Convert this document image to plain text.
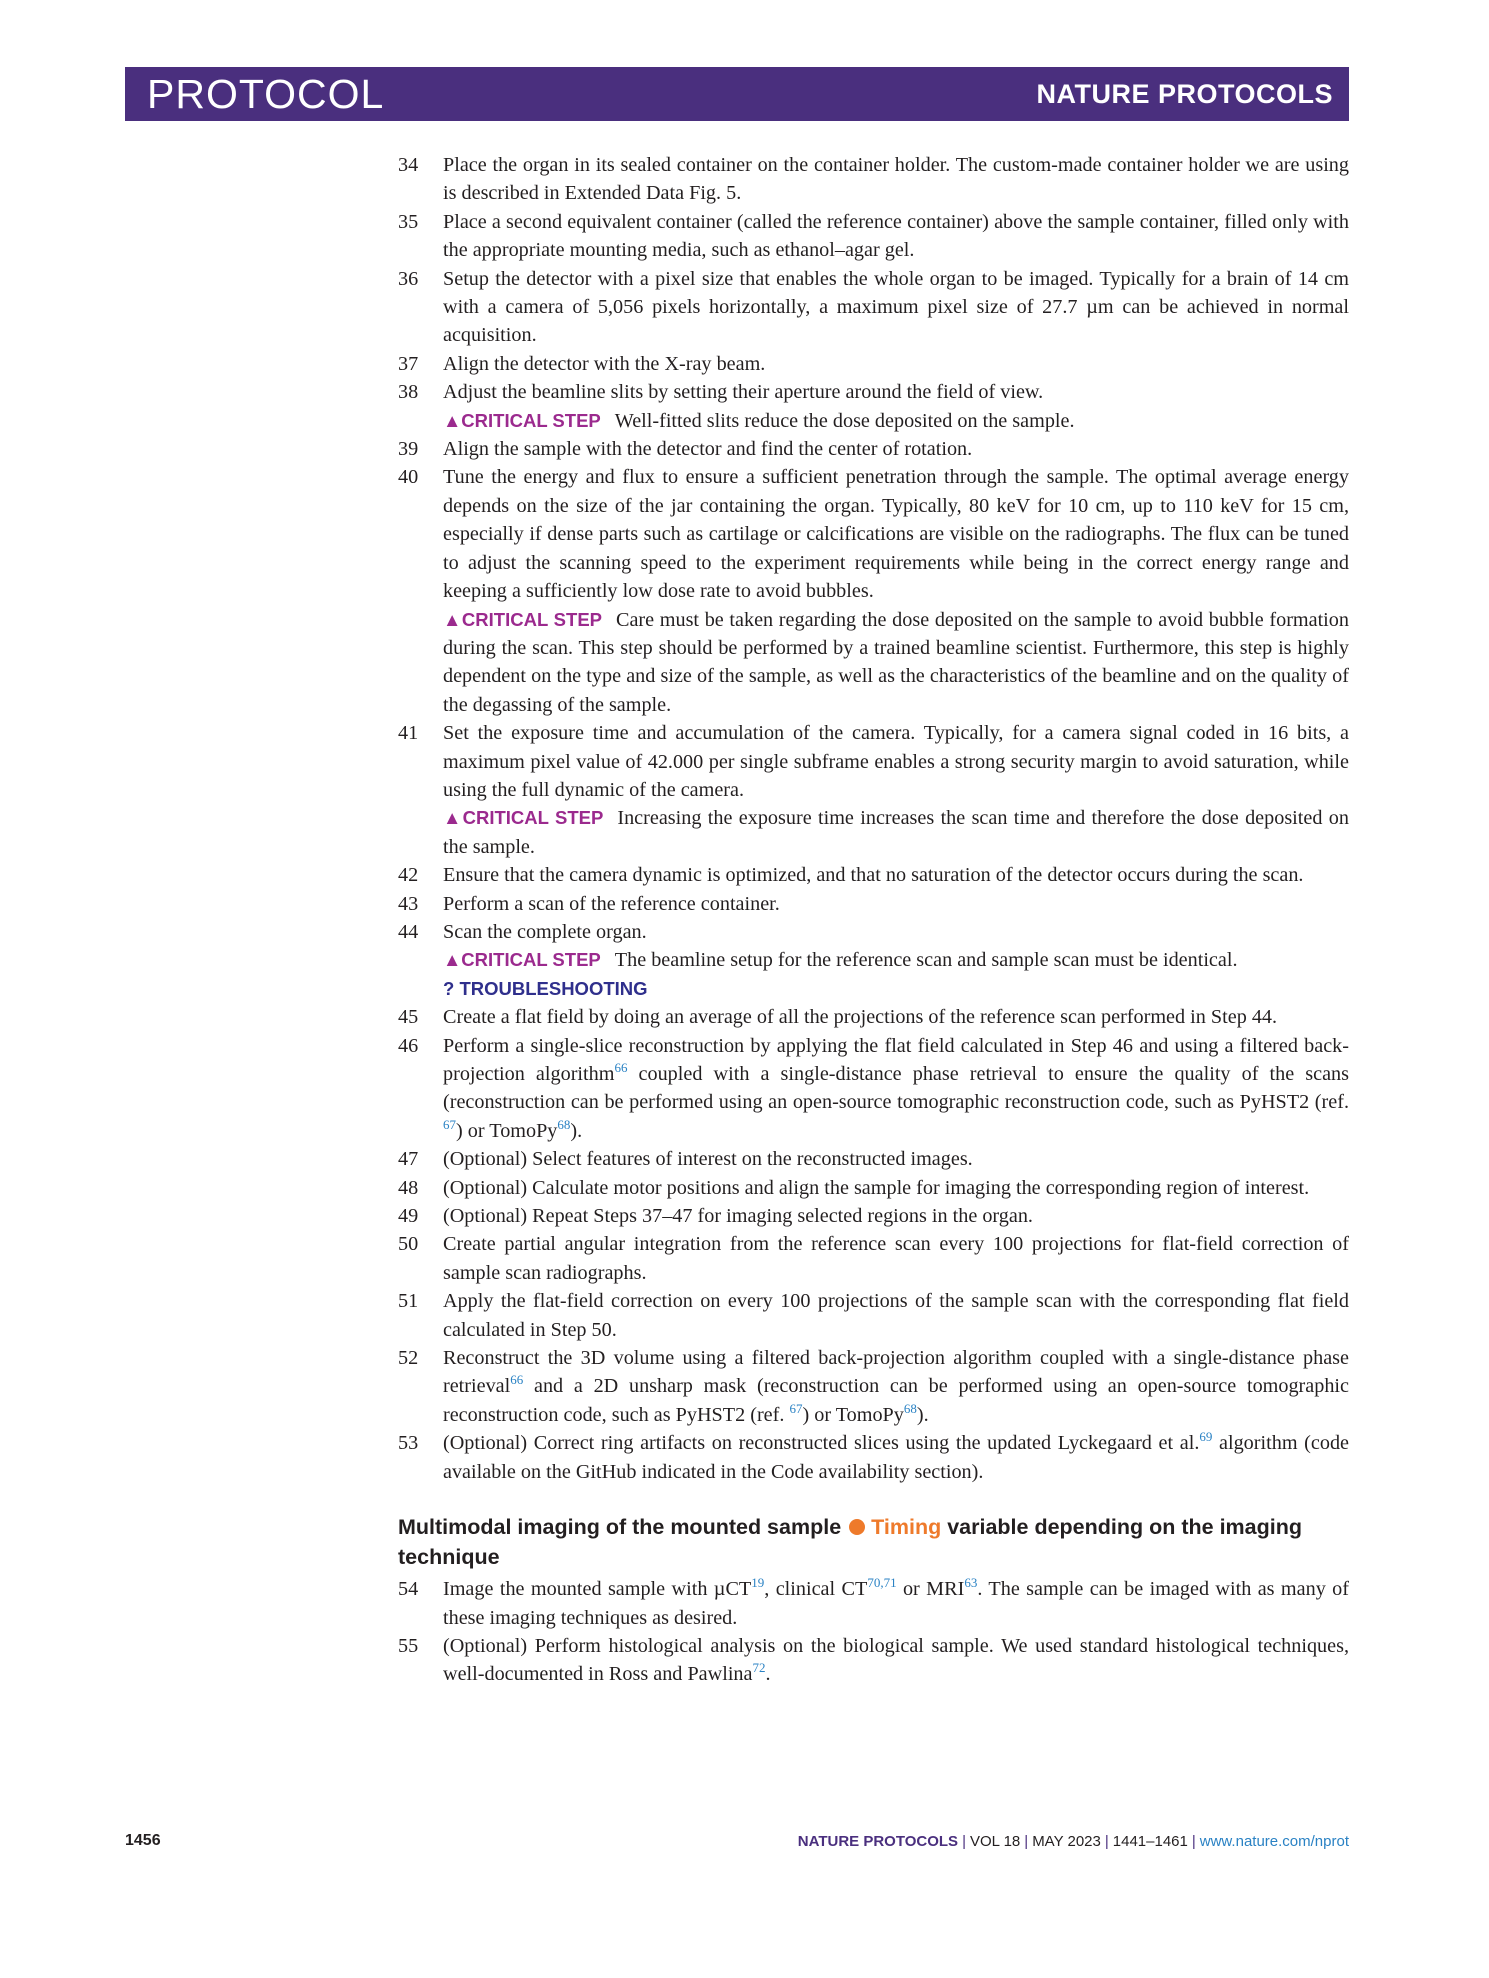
PROTOCOL	NATURE PROTOCOLS
34	Place the organ in its sealed container on the container holder. The custom-made container holder we are using is described in Extended Data Fig. 5.
35	Place a second equivalent container (called the reference container) above the sample container, filled only with the appropriate mounting media, such as ethanol–agar gel.
36	Setup the detector with a pixel size that enables the whole organ to be imaged. Typically for a brain of 14 cm with a camera of 5,056 pixels horizontally, a maximum pixel size of 27.7 µm can be achieved in normal acquisition.
37	Align the detector with the X-ray beam.
38	Adjust the beamline slits by setting their aperture around the field of view.
▲CRITICAL STEP Well-fitted slits reduce the dose deposited on the sample.
39	Align the sample with the detector and find the center of rotation.
40	Tune the energy and flux to ensure a sufficient penetration through the sample. The optimal average energy depends on the size of the jar containing the organ. Typically, 80 keV for 10 cm, up to 110 keV for 15 cm, especially if dense parts such as cartilage or calcifications are visible on the radiographs. The flux can be tuned to adjust the scanning speed to the experiment requirements while being in the correct energy range and keeping a sufficiently low dose rate to avoid bubbles.
▲CRITICAL STEP Care must be taken regarding the dose deposited on the sample to avoid bubble formation during the scan. This step should be performed by a trained beamline scientist. Furthermore, this step is highly dependent on the type and size of the sample, as well as the characteristics of the beamline and on the quality of the degassing of the sample.
41	Set the exposure time and accumulation of the camera. Typically, for a camera signal coded in 16 bits, a maximum pixel value of 42.000 per single subframe enables a strong security margin to avoid saturation, while using the full dynamic of the camera.
▲CRITICAL STEP Increasing the exposure time increases the scan time and therefore the dose deposited on the sample.
42	Ensure that the camera dynamic is optimized, and that no saturation of the detector occurs during the scan.
43	Perform a scan of the reference container.
44	Scan the complete organ.
▲CRITICAL STEP The beamline setup for the reference scan and sample scan must be identical.
? TROUBLESHOOTING
45	Create a flat field by doing an average of all the projections of the reference scan performed in Step 44.
46	Perform a single-slice reconstruction by applying the flat field calculated in Step 46 and using a filtered back-projection algorithm$^{66}$ coupled with a single-distance phase retrieval to ensure the quality of the scans (reconstruction can be performed using an open-source tomographic reconstruction code, such as PyHST2 (ref. $^{67}$) or TomoPy$^{68}$).
47	(Optional) Select features of interest on the reconstructed images.
48	(Optional) Calculate motor positions and align the sample for imaging the corresponding region of interest.
49	(Optional) Repeat Steps 37–47 for imaging selected regions in the organ.
50	Create partial angular integration from the reference scan every 100 projections for flat-field correction of sample scan radiographs.
51	Apply the flat-field correction on every 100 projections of the sample scan with the corresponding flat field calculated in Step 50.
52	Reconstruct the 3D volume using a filtered back-projection algorithm coupled with a single-distance phase retrieval$^{66}$ and a 2D unsharp mask (reconstruction can be performed using an open-source tomographic reconstruction code, such as PyHST2 (ref. $^{67}$) or TomoPy$^{68}$).
53	(Optional) Correct ring artifacts on reconstructed slices using the updated Lyckegaard et al.$^{69}$ algorithm (code available on the GitHub indicated in the Code availability section).
Multimodal imaging of the mounted sample Timing variable depending on the imaging technique
54	Image the mounted sample with µCT$^{19}$, clinical CT$^{70,71}$ or MRI$^{63}$. The sample can be imaged with as many of these imaging techniques as desired.
55	(Optional) Perform histological analysis on the biological sample. We used standard histological techniques, well-documented in Ross and Pawlina$^{72}$.
1456	NATURE PROTOCOLS | VOL 18 | MAY 2023 | 1441–1461 | www.nature.com/nprot
